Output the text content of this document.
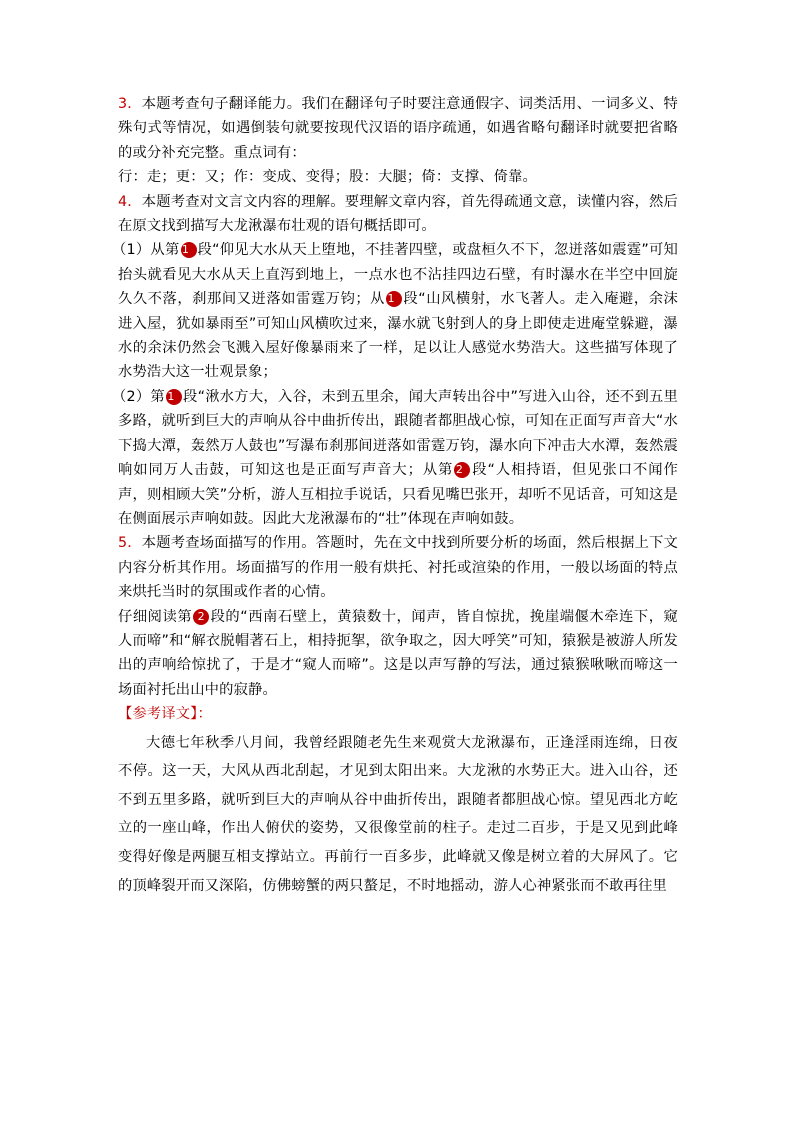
3．本题考查句子翻译能力。我们在翻译句子时要注意通假字、词类活用、一词多义、特殊句式等情况，如遇倒装句就要按现代汉语的语序疏通，如遇省略句翻译时就要把省略的或分补充完整。重点词有：

行：走；更：又；作：变成、变得；股：大腿；倚：支撑、倚靠。

4．本题考查对文言文内容的理解。要理解文章内容，首先得疏通文意，读懂内容，然后在原文找到描写大龙湫瀑布壮观的语句概括即可。

（1）从第 1 段“仰见大水从天上堕地，不挂著四壁，或盘桓久不下，忽迸落如震霆”可知抬头就看见大水从天上直泻到地上，一点水也不沾挂四边石壁，有时瀑水在半空中回旋久久不落，刹那间又迸落如雷霆万钧；从 1 段“山风横射，水飞著人。走入庵避，余沫进入屋，犹如暴雨至”可知山风横吹过来，瀑水就飞射到人的身上即使走进庵堂躲避，瀑水的余沫仍然会飞溅入屋好像暴雨来了一样，足以让人感觉水势浩大。这些描写体现了水势浩大这一壮观景象；

（2）第 1 段“湫水方大，入谷，未到五里余，闻大声转出谷中”写进入山谷，还不到五里多路，就听到巨大的声响从谷中曲折传出，跟随者都胆战心惊，可知在正面写声音大“水下捣大潭，轰然万人鼓也”写瀑布刹那间迸落如雷霆万钧，瀑水向下冲击大水潭，轰然震响如同万人击鼓，可知这也是正面写声音大；从第 2 段“人相持语，但见张口不闻作声，则相顾大笑”分析，游人互相拉手说话，只看见嘴巴张开，却听不见话音，可知这是在侧面展示声响如鼓。因此大龙湫瀑布的“壮”体现在声响如鼓。

5．本题考查场面描写的作用。答题时，先在文中找到所要分析的场面，然后根据上下文内容分析其作用。场面描写的作用一般有烘托、衬托或渲染的作用，一般以场面的特点来烘托当时的氛围或作者的心情。

仔细阅读第 2 段的“西南石壁上，黄猿数十，闻声，皆自惊扰，挽崖端偃木牵连下，窥人而啼”和“解衣脱帽著石上，相持扼挐，欲争取之，因大呼笑”可知，猿猴是被游人所发出的声响给惊扰了，于是才“窥人而啼”。这是以声写静的写法，通过猿猴啾啾而啼这一场面衬托出山中的寂静。

【参考译文】：

大德七年秋季八月间，我曾经跟随老先生来观赏大龙湫瀑布，正逢淫雨连绵，日夜不停。这一天，大风从西北刮起，才见到太阳出来。大龙湫的水势正大。进入山谷，还不到五里多路，就听到巨大的声响从谷中曲折传出，跟随者都胆战心惊。望见西北方屹立的一座山峰，作出人俯伏的姿势，又很像堂前的柱子。走过二百步，于是又见到此峰变得好像是两腿互相支撑站立。再前行一百多步，此峰就又像是树立着的大屏风了。它的顶峰裂开而又深陷，仿佛螃蟹的两只螯足，不时地摇动，游人心神紧张而不敢再往里
